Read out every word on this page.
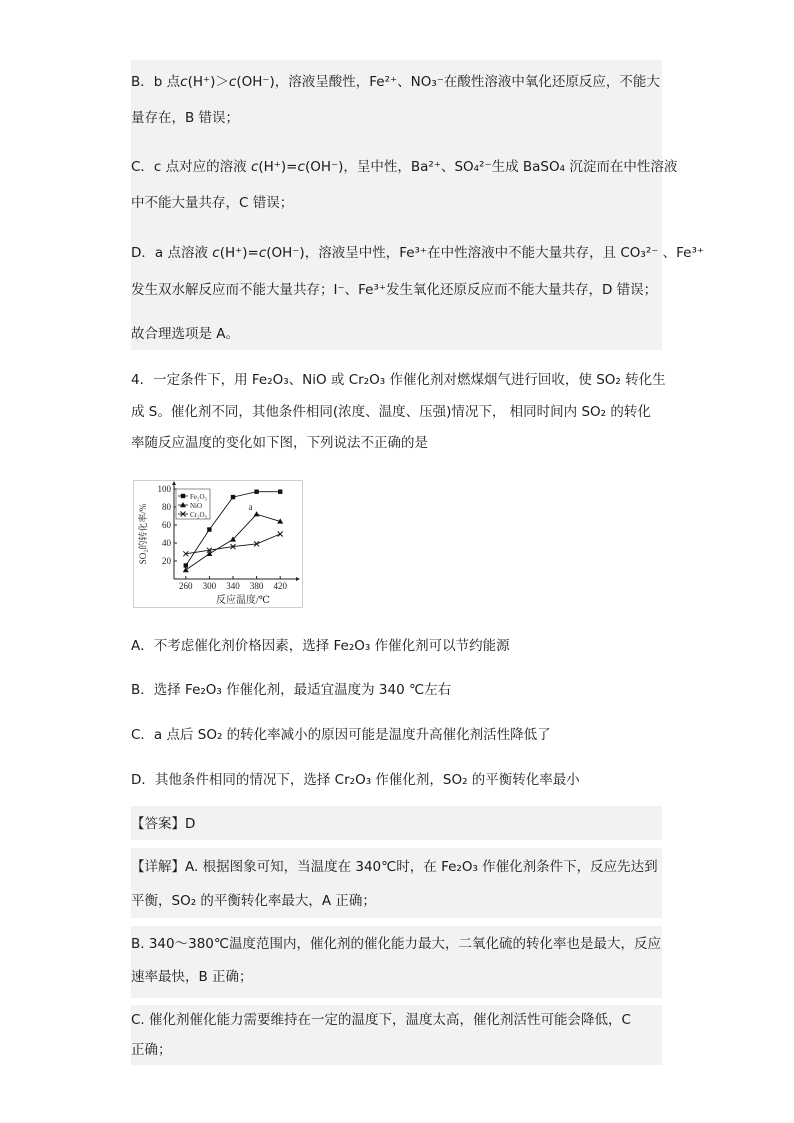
B．b 点c(H⁺)＞c(OH⁻)，溶液呈酸性，Fe²⁺、NO₃⁻在酸性溶液中氧化还原反应，不能大
量存在，B 错误；
C．c 点对应的溶液 c(H⁺)=c(OH⁻)，呈中性，Ba²⁺、SO₄²⁻生成 BaSO₄ 沉淀而在中性溶液
中不能大量共存，C 错误；
D．a 点溶液 c(H⁺)=c(OH⁻)，溶液呈中性，Fe³⁺在中性溶液中不能大量共存，且 CO₃²⁻ 、Fe³⁺
发生双水解反应而不能大量共存；I⁻、Fe³⁺发生氧化还原反应而不能大量共存，D 错误；
故合理选项是 A。
4．一定条件下，用 Fe₂O₃、NiO 或 Cr₂O₃ 作催化剂对燃煤烟气进行回收，使 SO₂ 转化生
成 S。催化剂不同，其他条件相同(浓度、温度、压强)情况下， 相同时间内 SO₂ 的转化
率随反应温度的变化如下图，下列说法不正确的是
260 300 340 380 420
20
40
60
80
100
反应温度/℃
SO₂的转化率/%	a
Fe₂O₃
NiO
Cr₂O₃
A．不考虑催化剂价格因素，选择 Fe₂O₃ 作催化剂可以节约能源
B．选择 Fe₂O₃ 作催化剂，最适宜温度为 340 ℃左右
C．a 点后 SO₂ 的转化率减小的原因可能是温度升高催化剂活性降低了
D．其他条件相同的情况下，选择 Cr₂O₃ 作催化剂，SO₂ 的平衡转化率最小
【答案】D
【详解】A. 根据图象可知，当温度在 340℃时，在 Fe₂O₃ 作催化剂条件下，反应先达到
平衡，SO₂ 的平衡转化率最大，A 正确；
B. 340～380℃温度范围内，催化剂的催化能力最大，二氧化硫的转化率也是最大，反应
速率最快，B 正确；
C. 催化剂催化能力需要维持在一定的温度下，温度太高，催化剂活性可能会降低，C
正确；
